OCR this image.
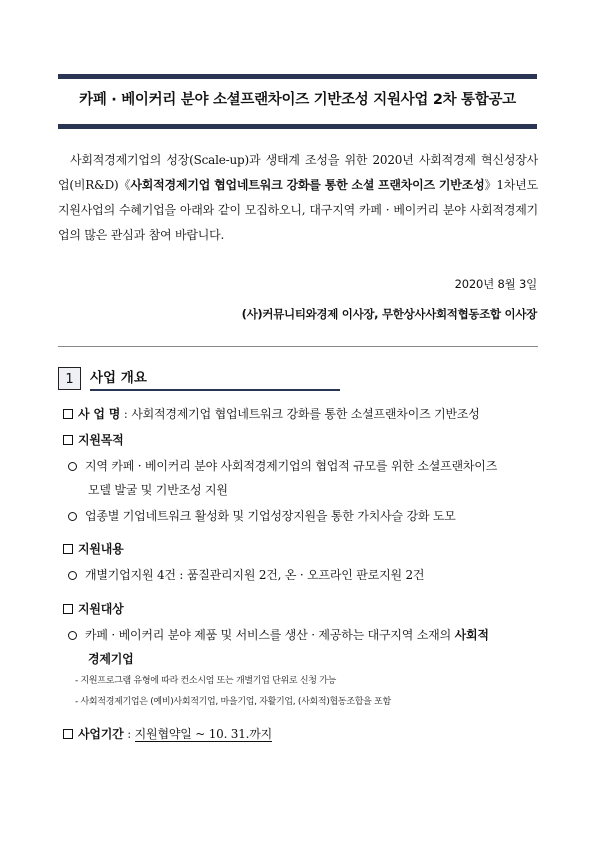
카페 · 베이커리 분야 소셜프랜차이즈 기반조성 지원사업 2차 통합공고

사회적경제기업의 성장(Scale-up)과 생태계 조성을 위한 2020년 사회적경제 혁신성장사업(비R&D)《사회적경제기업 협업네트워크 강화를 통한 소셜 프랜차이즈 기반조성》1차년도 지원사업의 수혜기업을 아래와 같이 모집하오니, 대구지역 카페 · 베이커리 분야 사회적경제기업의 많은 관심과 참여 바랍니다.

2020년 8월 3일
(사)커뮤니티와경제 이사장, 무한상사사회적협동조합 이사장
1	사업 개요
사 업 명 : 사회적경제기업 협업네트워크 강화를 통한 소셜프랜차이즈 기반조성
지원목적
지역 카페 · 베이커리 분야 사회적경제기업의 협업적 규모를 위한 소셜프랜차이즈
모델 발굴 및 기반조성 지원
업종별 기업네트워크 활성화 및 기업성장지원을 통한 가치사슬 강화 도모
지원내용
개별기업지원 4건 : 품질관리지원 2건, 온 · 오프라인 판로지원 2건
지원대상
카페 · 베이커리 분야 제품 및 서비스를 생산 · 제공하는 대구지역 소재의 사회적
경제기업
- 지원프로그램 유형에 따라 컨소시엄 또는 개별기업 단위로 신청 가능
- 사회적경제기업은 (예비)사회적기업, 마을기업, 자활기업, (사회적)협동조합을 포함
사업기간 : 지원협약일 ~ 10. 31.까지
